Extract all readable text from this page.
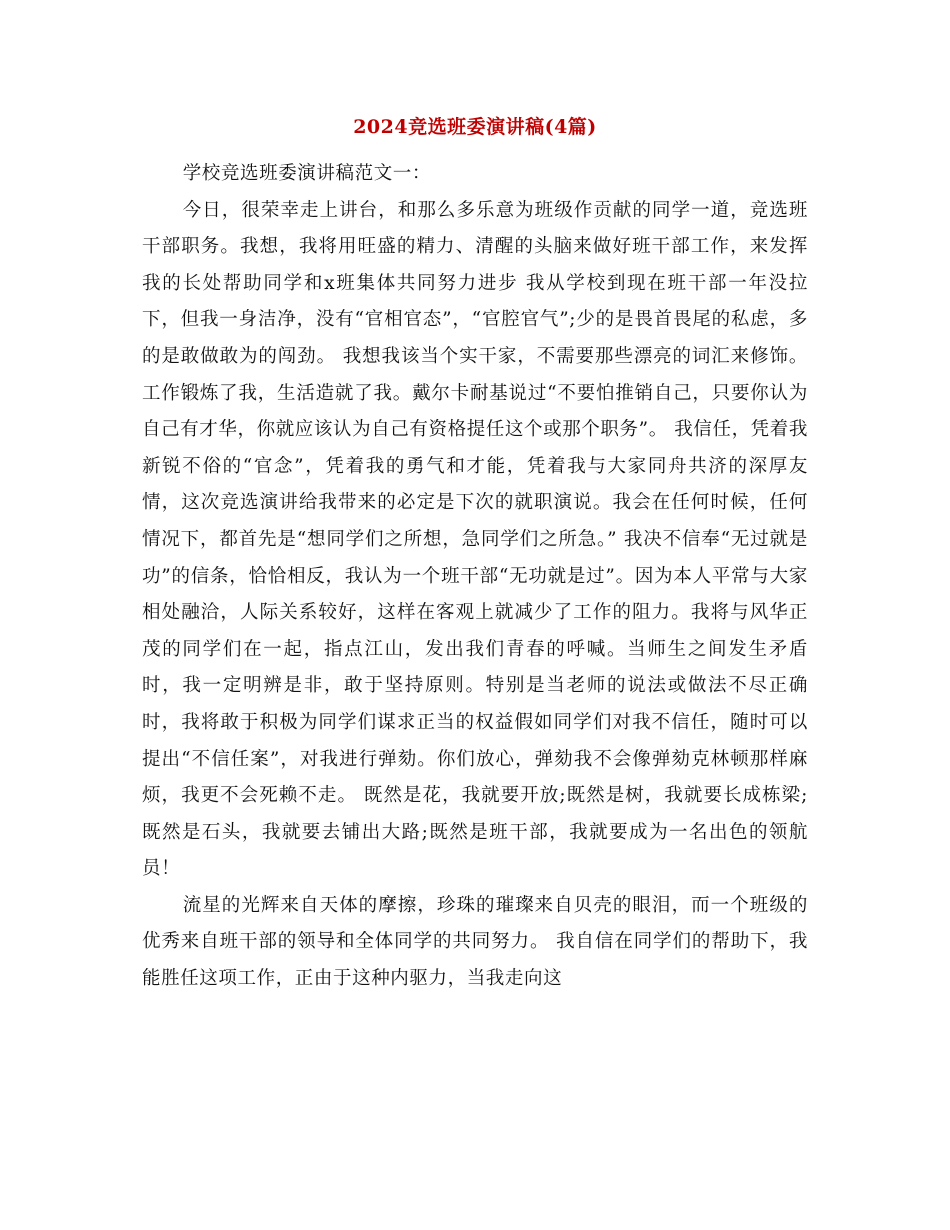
2024竞选班委演讲稿(4篇)

学校竞选班委演讲稿范文一：

今日，很荣幸走上讲台，和那么多乐意为班级作贡献的同学一道，竞选班干部职务。我想，我将用旺盛的精力、清醒的头脑来做好班干部工作，来发挥我的长处帮助同学和x班集体共同努力进步 我从学校到现在班干部一年没拉下，但我一身洁净，没有“官相官态”，“官腔官气”;少的是畏首畏尾的私虑，多的是敢做敢为的闯劲。 我想我该当个实干家，不需要那些漂亮的词汇来修饰。工作锻炼了我，生活造就了我。戴尔卡耐基说过“不要怕推销自己，只要你认为自己有才华，你就应该认为自己有资格提任这个或那个职务”。 我信任，凭着我新锐不俗的“官念”，凭着我的勇气和才能，凭着我与大家同舟共济的深厚友情，这次竞选演讲给我带来的必定是下次的就职演说。我会在任何时候，任何情况下，都首先是“想同学们之所想，急同学们之所急。” 我决不信奉“无过就是功”的信条，恰恰相反，我认为一个班干部“无功就是过”。因为本人平常与大家相处融洽，人际关系较好，这样在客观上就减少了工作的阻力。我将与风华正茂的同学们在一起，指点江山，发出我们青春的呼喊。当师生之间发生矛盾时，我一定明辨是非，敢于坚持原则。特别是当老师的说法或做法不尽正确时，我将敢于积极为同学们谋求正当的权益假如同学们对我不信任，随时可以提出“不信任案”，对我进行弹劾。你们放心，弹劾我不会像弹劾克林顿那样麻烦，我更不会死赖不走。 既然是花，我就要开放;既然是树，我就要长成栋梁;既然是石头，我就要去铺出大路;既然是班干部，我就要成为一名出色的领航员！

流星的光辉来自天体的摩擦，珍珠的璀璨来自贝壳的眼泪，而一个班级的优秀来自班干部的领导和全体同学的共同努力。 我自信在同学们的帮助下，我能胜任这项工作，正由于这种内驱力，当我走向这
